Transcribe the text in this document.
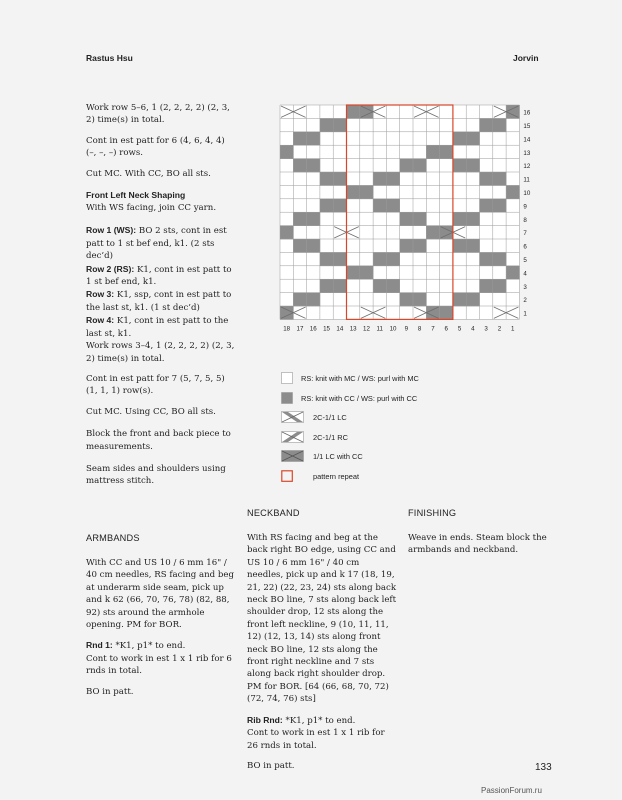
Rastus Hsu	Jorvin

Work row 5–6, 1 (2, 2, 2, 2) (2, 3, 2) time(s) in total.

Cont in est patt for 6 (4, 6, 4, 4) (–, –, –) rows.

Cut MC. With CC, BO all sts.

Front Left Neck Shaping

With WS facing, join CC yarn.

Row 1 (WS): BO 2 sts, cont in est patt to 1 st bef end, k1. (2 sts dec’d)

Row 2 (RS): K1, cont in est patt to 1 st bef end, k1.

Row 3: K1, ssp, cont in est patt to the last st, k1. (1 st dec’d)

Row 4: K1, cont in est patt to the last st, k1.

Work rows 3–4, 1 (2, 2, 2, 2) (2, 3, 2) time(s) in total.

Cont in est patt for 7 (5, 7, 5, 5) (1, 1, 1) row(s).

Cut MC. Using CC, BO all sts.

Block the front and back piece to measurements.

Seam sides and shoulders using mattress stitch.

ARMBANDS

With CC and US 10 / 6 mm 16" / 40 cm needles, RS facing and beg at underarm side seam, pick up and k 62 (66, 70, 76, 78) (82, 88, 92) sts around the armhole opening. PM for BOR.

Rnd 1: *K1, p1* to end.

Cont to work in est 1 x 1 rib for 6 rnds in total.

BO in patt.

NECKBAND

With RS facing and beg at the back right BO edge, using CC and US 10 / 6 mm 16" / 40 cm needles, pick up and k 17 (18, 19, 21, 22) (22, 23, 24) sts along back neck BO line, 7 sts along back left shoulder drop, 12 sts along the front left neckline, 9 (10, 11, 11, 12) (12, 13, 14) sts along front neck BO line, 12 sts along the front right neckline and 7 sts along back right shoulder drop. PM for BOR. [64 (66, 68, 70, 72) (72, 74, 76) sts]

Rib Rnd: *K1, p1* to end.

Cont to work in est 1 x 1 rib for 26 rnds in total.

BO in patt.

FINISHING

Weave in ends. Steam block the armbands and neckband.

16
15
14
13
12
11
10
9
8
7
6
5
4
3
2
1
18 17 16 15 14 13 12 11 10 9 8 7 6 5 4 3 2 1
RS: knit with MC / WS: purl with MC
RS: knit with CC / WS: purl with CC
2C-1/1 LC
2C-1/1 RC
1/1 LC with CC
pattern repeat
133
PassionForum.ru
